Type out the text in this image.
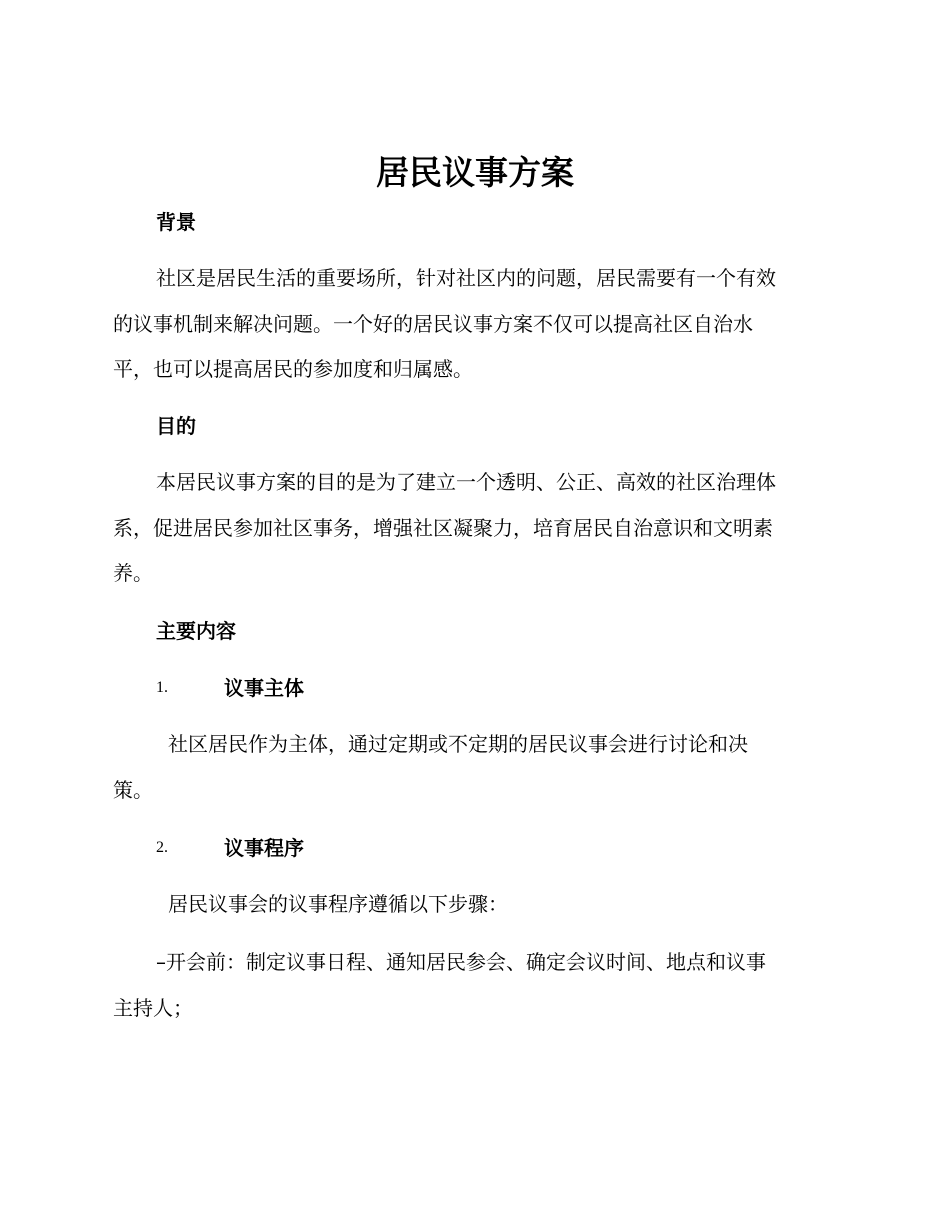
居民议事方案
背景
社区是居民生活的重要场所，针对社区内的问题，居民需要有一个有效
的议事机制来解决问题。一个好的居民议事方案不仅可以提高社区自治水
平，也可以提高居民的参加度和归属感。
目的
本居民议事方案的目的是为了建立一个透明、公正、高效的社区治理体
系，促进居民参加社区事务，增强社区凝聚力，培育居民自治意识和文明素
养。
主要内容
1.	议事主体
社区居民作为主体，通过定期或不定期的居民议事会进行讨论和决
策。
2.	议事程序
居民议事会的议事程序遵循以下步骤：
–开会前：制定议事日程、通知居民参会、确定会议时间、地点和议事
主持人；
